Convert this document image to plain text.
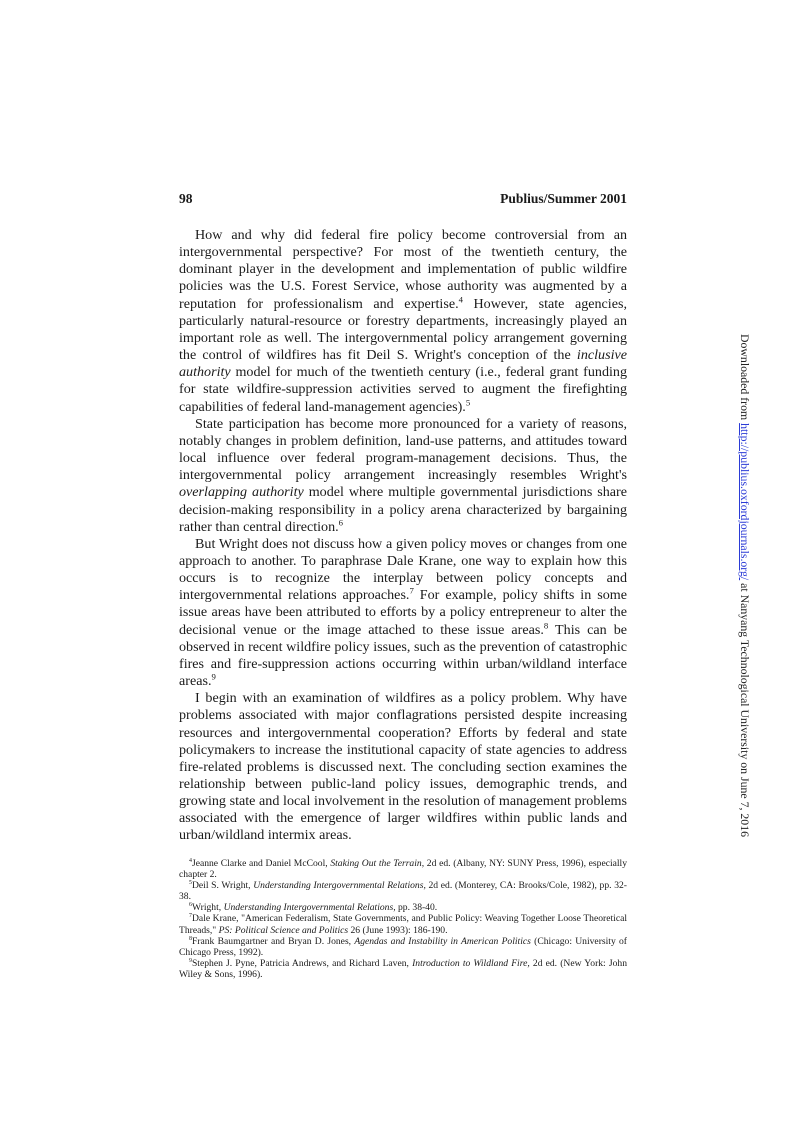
98	Publius/Summer 2001

How and why did federal fire policy become controversial from an intergovernmental perspective? For most of the twentieth century, the dominant player in the development and implementation of public wildfire policies was the U.S. Forest Service, whose authority was augmented by a reputation for professionalism and expertise.$^4$ However, state agencies, particularly natural-resource or forestry departments, increasingly played an important role as well. The intergovernmental policy arrangement governing the control of wildfires has fit Deil S. Wright's conception of the inclusive authority model for much of the twentieth century (i.e., federal grant funding for state wildfire-suppression activities served to augment the firefighting capabilities of federal land-management agencies).$^5$

State participation has become more pronounced for a variety of reasons, notably changes in problem definition, land-use patterns, and attitudes toward local influence over federal program-management decisions. Thus, the intergovernmental policy arrangement increasingly resembles Wright's overlapping authority model where multiple governmental jurisdictions share decision-making responsibility in a policy arena characterized by bargaining rather than central direction.$^6$

But Wright does not discuss how a given policy moves or changes from one approach to another. To paraphrase Dale Krane, one way to explain how this occurs is to recognize the interplay between policy concepts and intergovernmental relations approaches.$^7$ For example, policy shifts in some issue areas have been attributed to efforts by a policy entrepreneur to alter the decisional venue or the image attached to these issue areas.$^8$ This can be observed in recent wildfire policy issues, such as the prevention of catastrophic fires and fire-suppression actions occurring within urban/wildland interface areas.$^9$

I begin with an examination of wildfires as a policy problem. Why have problems associated with major conflagrations persisted despite increasing resources and intergovernmental cooperation? Efforts by federal and state policymakers to increase the institutional capacity of state agencies to address fire-related problems is discussed next. The concluding section examines the relationship between public-land policy issues, demographic trends, and growing state and local involvement in the resolution of management problems associated with the emergence of larger wildfires within public lands and urban/wildland intermix areas.

$^4$Jeanne Clarke and Daniel McCool, Staking Out the Terrain, 2d ed. (Albany, NY: SUNY Press, 1996), especially chapter 2.

$^5$Deil S. Wright, Understanding Intergovernmental Relations, 2d ed. (Monterey, CA: Brooks/Cole, 1982), pp. 32-38.

$^6$Wright, Understanding Intergovernmental Relations, pp. 38-40.

$^7$Dale Krane, "American Federalism, State Governments, and Public Policy: Weaving Together Loose Theoretical Threads," PS: Political Science and Politics 26 (June 1993): 186-190.

$^8$Frank Baumgartner and Bryan D. Jones, Agendas and Instability in American Politics (Chicago: University of Chicago Press, 1992).

$^9$Stephen J. Pyne, Patricia Andrews, and Richard Laven, Introduction to Wildland Fire, 2d ed. (New York: John Wiley & Sons, 1996).

Downloaded from http://publius.oxfordjournals.org/ at Nanyang Technological University on June 7, 2016
